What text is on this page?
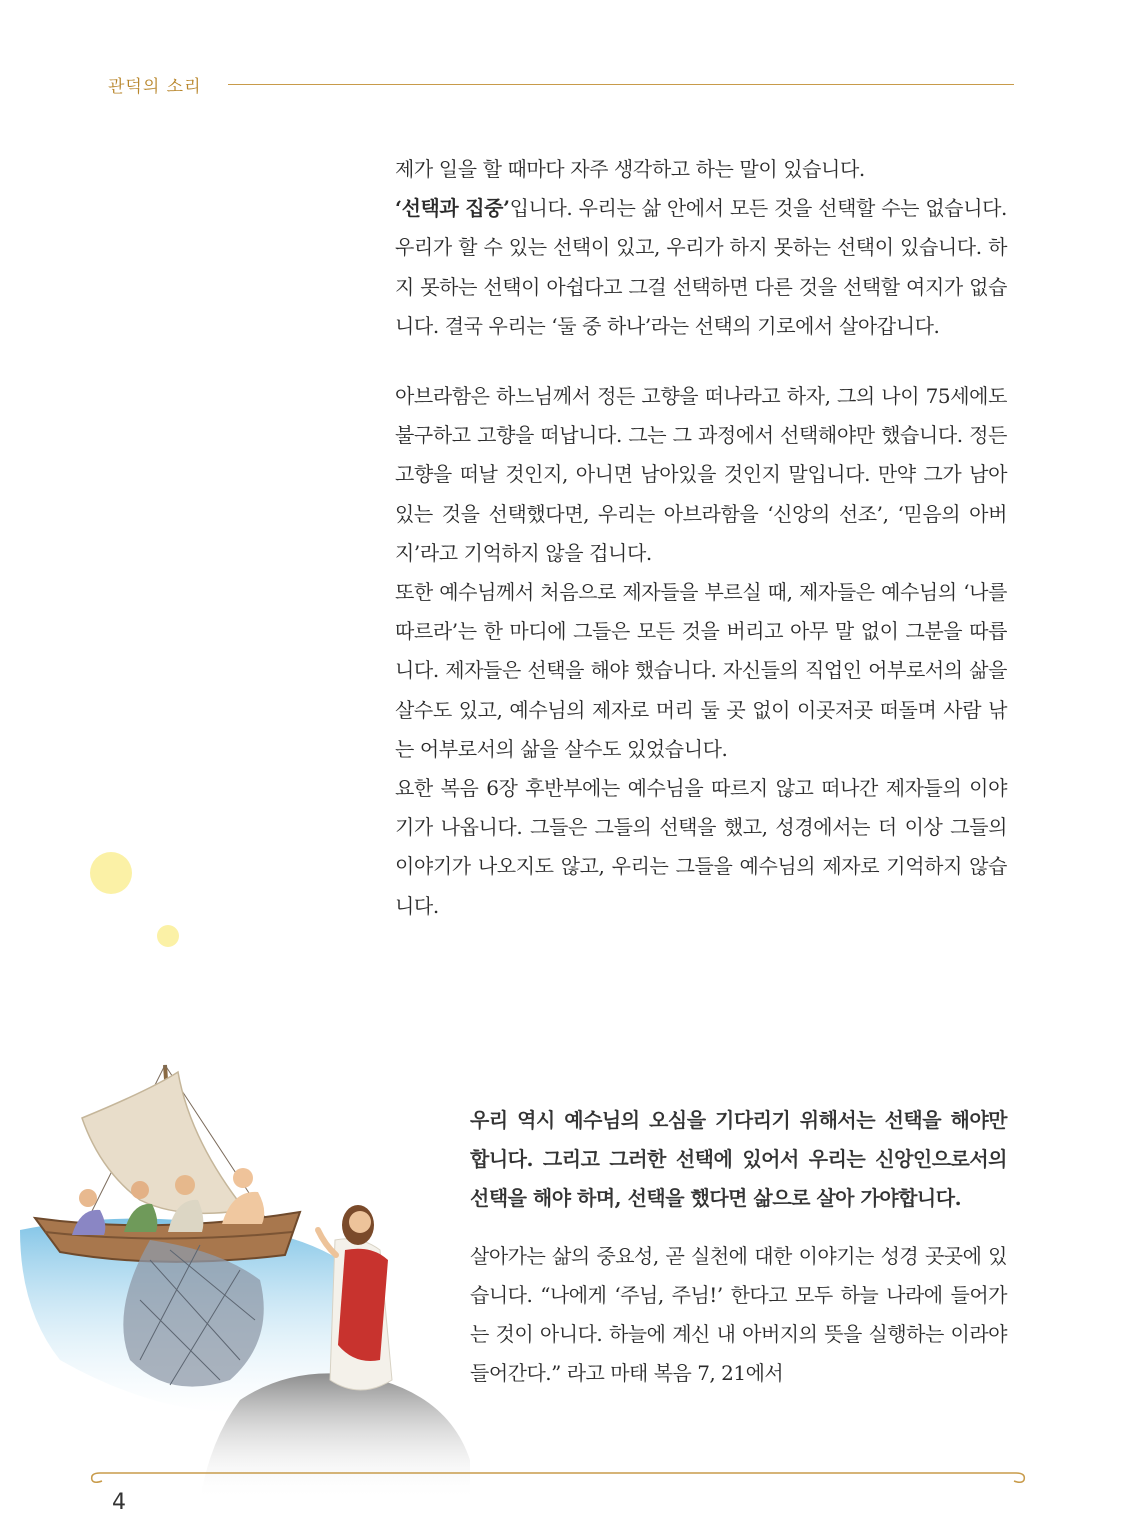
관덕의 소리

제가 일을 할 때마다 자주 생각하고 하는 말이 있습니다.

‘선택과 집중’입니다. 우리는 삶 안에서 모든 것을 선택할 수는 없습니다. 우리가 할 수 있는 선택이 있고, 우리가 하지 못하는 선택이 있습니다. 하지 못하는 선택이 아쉽다고 그걸 선택하면 다른 것을 선택할 여지가 없습니다. 결국 우리는 ‘둘 중 하나’라는 선택의 기로에서 살아갑니다.

아브라함은 하느님께서 정든 고향을 떠나라고 하자, 그의 나이 75세에도 불구하고 고향을 떠납니다. 그는 그 과정에서 선택해야만 했습니다. 정든 고향을 떠날 것인지, 아니면 남아있을 것인지 말입니다. 만약 그가 남아있는 것을 선택했다면, 우리는 아브라함을 ‘신앙의 선조’, ‘믿음의 아버지’라고 기억하지 않을 겁니다.

또한 예수님께서 처음으로 제자들을 부르실 때, 제자들은 예수님의 ‘나를 따르라’는 한 마디에 그들은 모든 것을 버리고 아무 말 없이 그분을 따릅니다. 제자들은 선택을 해야 했습니다. 자신들의 직업인 어부로서의 삶을 살수도 있고, 예수님의 제자로 머리 둘 곳 없이 이곳저곳 떠돌며 사람 낚는 어부로서의 삶을 살수도 있었습니다.

요한 복음 6장 후반부에는 예수님을 따르지 않고 떠나간 제자들의 이야기가 나옵니다. 그들은 그들의 선택을 했고, 성경에서는 더 이상 그들의 이야기가 나오지도 않고, 우리는 그들을 예수님의 제자로 기억하지 않습니다.

우리 역시 예수님의 오심을 기다리기 위해서는 선택을 해야만 합니다. 그리고 그러한 선택에 있어서 우리는 신앙인으로서의 선택을 해야 하며, 선택을 했다면 삶으로 살아 가야합니다.

살아가는 삶의 중요성, 곧 실천에 대한 이야기는 성경 곳곳에 있습니다. “나에게 ‘주님, 주님!’ 한다고 모두 하늘 나라에 들어가는 것이 아니다. 하늘에 계신 내 아버지의 뜻을 실행하는 이라야 들어간다.” 라고 마태 복음 7, 21에서

4
